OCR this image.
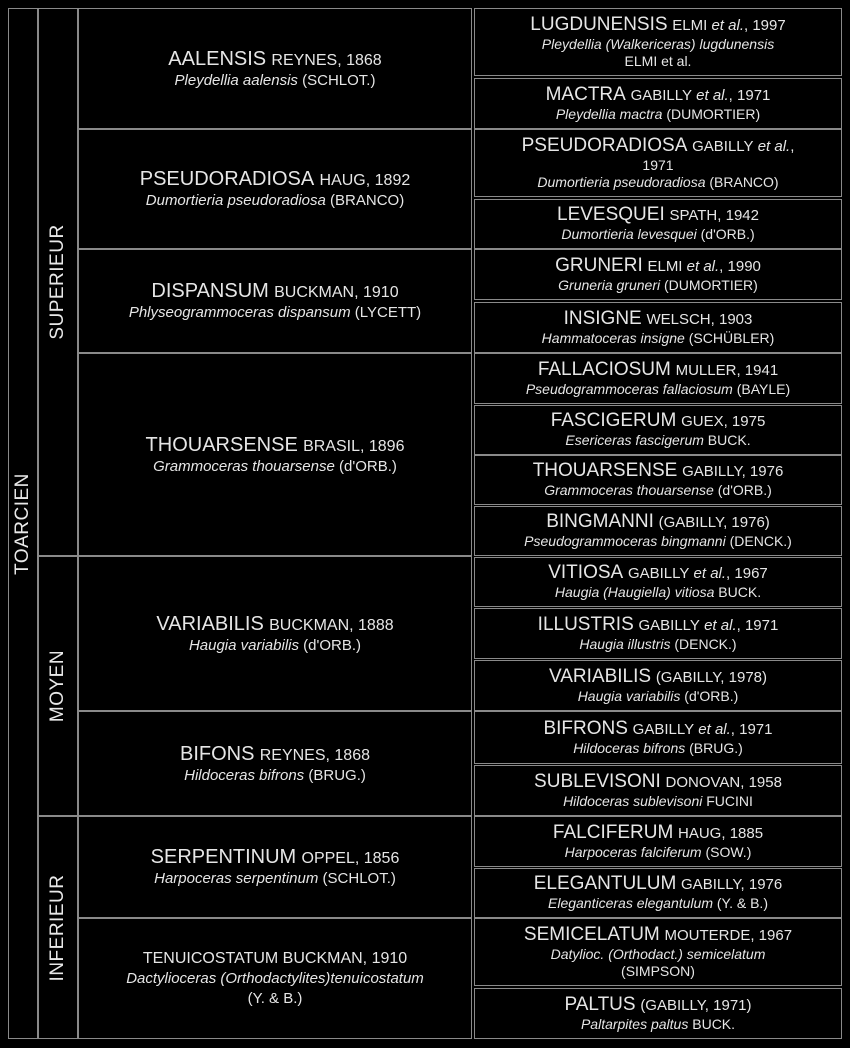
TOARCIEN
SUPERIEUR
MOYEN
INFERIEUR
AALENSIS REYNES, 1868
Pleydellia aalensis (SCHLOT.)
PSEUDORADIOSA HAUG, 1892
Dumortieria pseudoradiosa (BRANCO)
DISPANSUM BUCKMAN, 1910
Phlyseogrammoceras dispansum (LYCETT)
THOUARSENSE BRASIL, 1896
Grammoceras thouarsense (d'ORB.)
VARIABILIS BUCKMAN, 1888
Haugia variabilis (d'ORB.)
BIFONS REYNES, 1868
Hildoceras bifrons (BRUG.)
SERPENTINUM OPPEL, 1856
Harpoceras serpentinum (SCHLOT.)
TENUICOSTATUM BUCKMAN, 1910
Dactylioceras (Orthodactylites)tenuicostatum
(Y. & B.)
LUGDUNENSIS ELMI et al., 1997
Pleydellia (Walkericeras) lugdunensis
ELMI et al.
MACTRA GABILLY et al., 1971
Pleydellia mactra (DUMORTIER)
PSEUDORADIOSA GABILLY et al.,
1971
Dumortieria pseudoradiosa (BRANCO)
LEVESQUEI SPATH, 1942
Dumortieria levesquei (d'ORB.)
GRUNERI ELMI et al., 1990
Gruneria gruneri (DUMORTIER)
INSIGNE WELSCH, 1903
Hammatoceras insigne (SCHÜBLER)
FALLACIOSUM MULLER, 1941
Pseudogrammoceras fallaciosum (BAYLE)
FASCIGERUM GUEX, 1975
Esericeras fascigerum BUCK.
THOUARSENSE GABILLY, 1976
Grammoceras thouarsense (d'ORB.)
BINGMANNI (GABILLY, 1976)
Pseudogrammoceras bingmanni (DENCK.)
VITIOSA GABILLY et al., 1967
Haugia (Haugiella) vitiosa BUCK.
ILLUSTRIS GABILLY et al., 1971
Haugia illustris (DENCK.)
VARIABILIS (GABILLY, 1978)
Haugia variabilis (d'ORB.)
BIFRONS GABILLY et al., 1971
Hildoceras bifrons (BRUG.)
SUBLEVISONI DONOVAN, 1958
Hildoceras sublevisoni FUCINI
FALCIFERUM HAUG, 1885
Harpoceras falciferum (SOW.)
ELEGANTULUM GABILLY, 1976
Eleganticeras elegantulum (Y. & B.)
SEMICELATUM MOUTERDE, 1967
Datylioc. (Orthodact.) semicelatum
(SIMPSON)
PALTUS (GABILLY, 1971)
Paltarpites paltus BUCK.
